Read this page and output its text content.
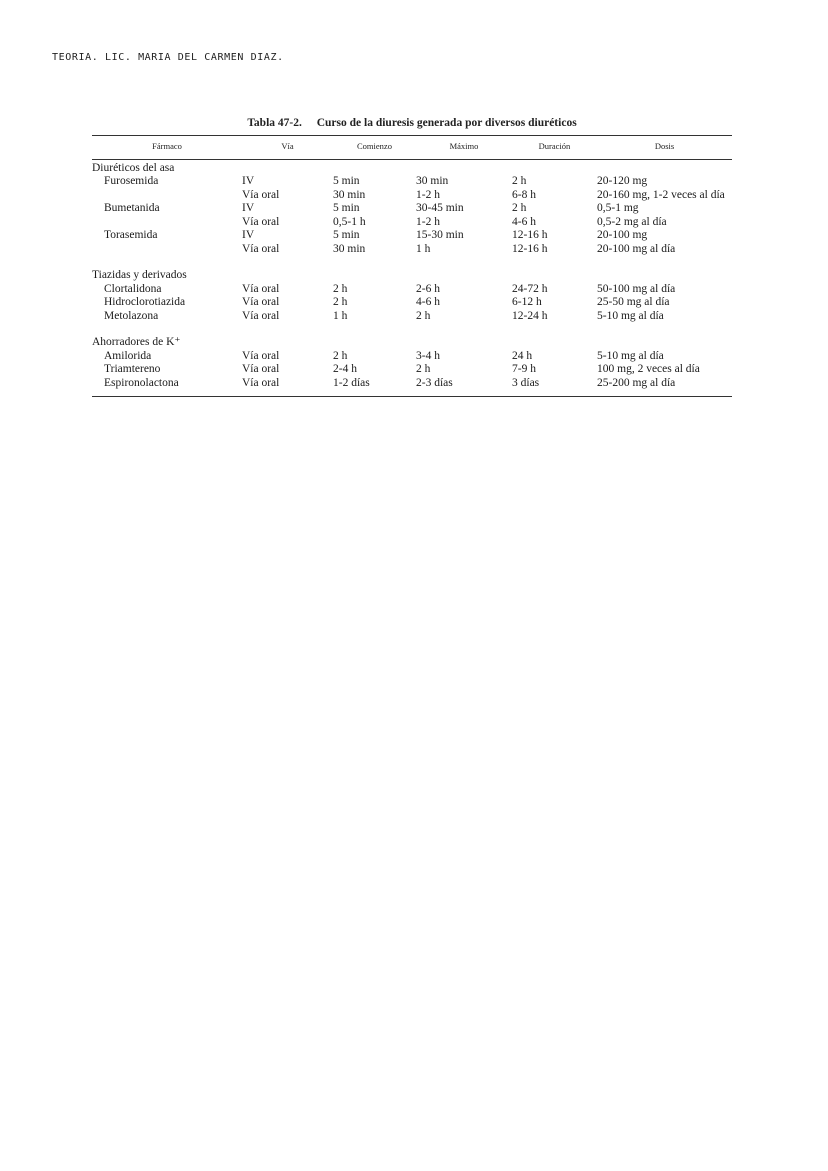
TEORIA. LIC. MARIA DEL CARMEN DIAZ.
Tabla 47-2. Curso de la diuresis generada por diversos diuréticos
Fármaco	Vía	Comienzo	Máximo	Duración	Dosis
Diuréticos del asa					
Furosemida	IV	5 min	30 min	2 h	20-120 mg
	Vía oral	30 min	1-2 h	6-8 h	20-160 mg, 1-2 veces al día
Bumetanida	IV	5 min	30-45 min	2 h	0,5-1 mg
	Vía oral	0,5-1 h	1-2 h	4-6 h	0,5-2 mg al día
Torasemida	IV	5 min	15-30 min	12-16 h	20-100 mg
	Vía oral	30 min	1 h	12-16 h	20-100 mg al día
Tiazidas y derivados					
Clortalidona	Vía oral	2 h	2-6 h	24-72 h	50-100 mg al día
Hidroclorotiazida	Vía oral	2 h	4-6 h	6-12 h	25-50 mg al día
Metolazona	Vía oral	1 h	2 h	12-24 h	5-10 mg al día
Ahorradores de K⁺					
Amilorida	Vía oral	2 h	3-4 h	24 h	5-10 mg al día
Triamtereno	Vía oral	2-4 h	2 h	7-9 h	100 mg, 2 veces al día
Espironolactona	Vía oral	1-2 días	2-3 días	3 días	25-200 mg al día
